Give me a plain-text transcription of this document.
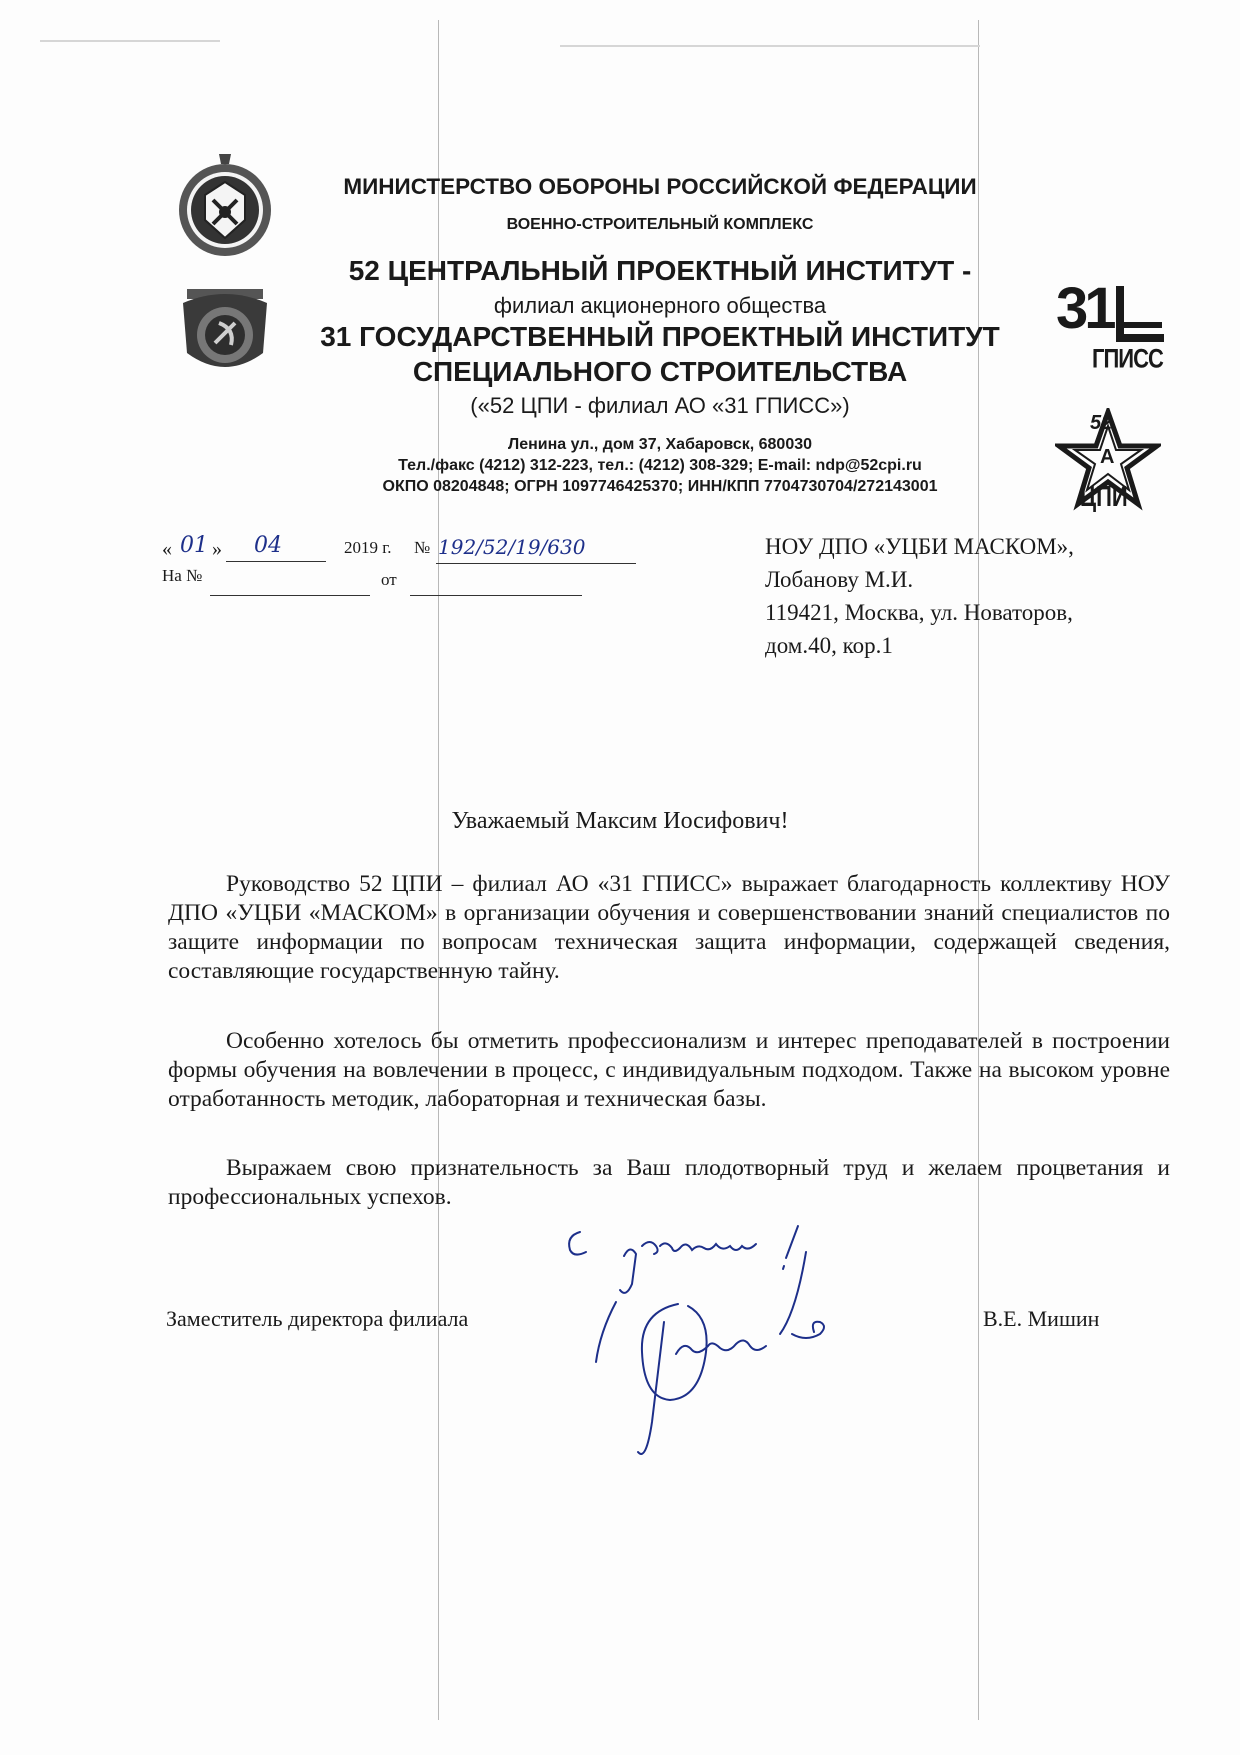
31
ГПИСС
52
А
ЦПИ
МИНИСТЕРСТВО ОБОРОНЫ РОССИЙСКОЙ ФЕДЕРАЦИИ
ВОЕННО-СТРОИТЕЛЬНЫЙ КОМПЛЕКС
52 ЦЕНТРАЛЬНЫЙ ПРОЕКТНЫЙ ИНСТИТУТ -
филиал акционерного общества
31 ГОСУДАРСТВЕННЫЙ ПРОЕКТНЫЙ ИНСТИТУТ
СПЕЦИАЛЬНОГО СТРОИТЕЛЬСТВА
(«52 ЦПИ - филиал АО «31 ГПИСС»)
Ленина ул., дом 37, Хабаровск, 680030
Тел./факс (4212) 312-223, тел.: (4212) 308-329; E-mail: ndp@52cpi.ru
ОКПО 08204848; ОГРН 1097746425370; ИНН/КПП 7704730704/272143001
« 01 » 04	2019 г. № 192/52/19/630
На №	от
НОУ ДПО «УЦБИ МАСКОМ»,
Лобанову М.И.
119421, Москва, ул. Новаторов,
дом.40, кор.1
Уважаемый Максим Иосифович!
Руководство 52 ЦПИ – филиал АО «31 ГПИСС» выражает благодарность коллективу НОУ ДПО «УЦБИ «МАСКОМ» в организации обучения и совершенствовании знаний специалистов по защите информации по вопросам техническая защита информации, содержащей сведения, составляющие государственную тайну.
Особенно хотелось бы отметить профессионализм и интерес преподавателей в построении формы обучения на вовлечении в процесс, с индивидуальным подходом. Также на высоком уровне отработанность методик, лабораторная и техническая базы.
Выражаем свою признательность за Ваш плодотворный труд и желаем процветания и профессиональных успехов.
Заместитель директора филиала	В.Е. Мишин
